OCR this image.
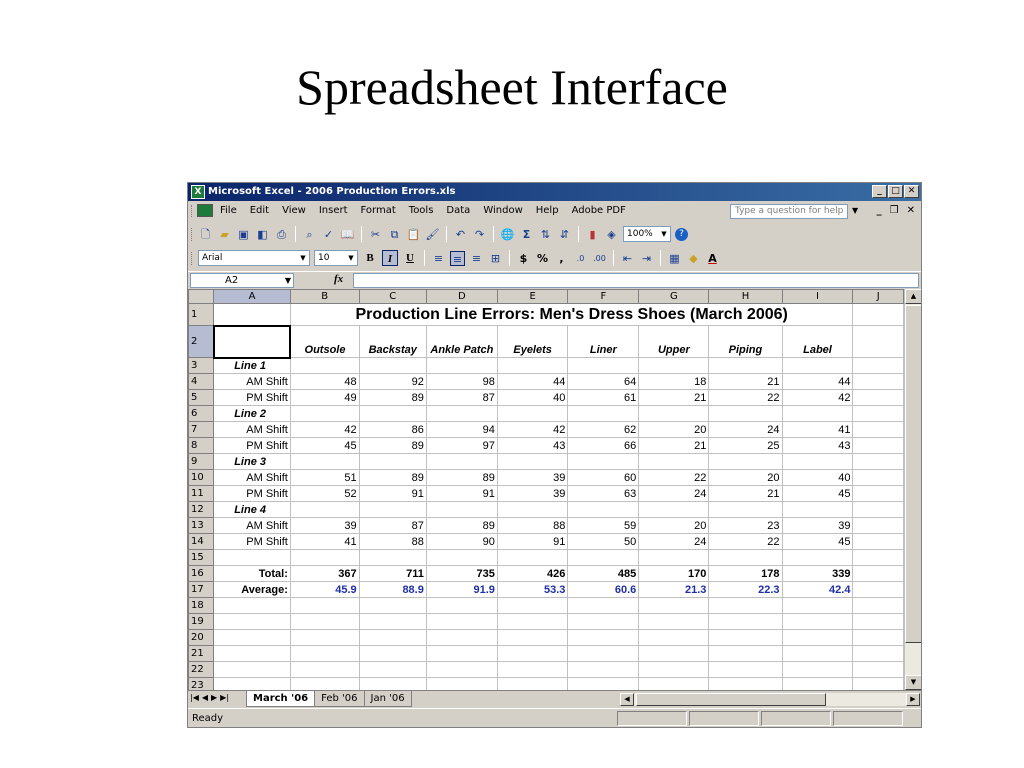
Spreadsheet Interface
X Microsoft Excel - 2006 Production Errors.xls	_	□ ✕
File Edit View Insert Format Tools Data Window Help Adobe PDF	Type a question for help	▼ _ ❐ ✕
🗋 ▰ ▣ ◧ ⎙	⌕	✓ 📖 ✂ ⧉ 📋 🖌 ↶ ↷ 🌐 Σ ⇅ ⇵	▮	◈	100%	▼	?
Arial	▼	10	▼	B	I	U	≡ ≡ ≡ ⊞	$ %	,	.0	.00 ⇤ ⇥ ▦ ◆ A
A2	▼	fx
	A	B	C	D	E	F	G	H	I	J
1		Production Line Errors: Men's Dress Shoes (March 2006)								
2		Outsole	Backstay	Ankle Patch	Eyelets	Liner	Upper	Piping	Label	
3	Line 1									
4	AM Shift	48	92	98	44	64	18	21	44	
5	PM Shift	49	89	87	40	61	21	22	42	
6	Line 2									
7	AM Shift	42	86	94	42	62	20	24	41	
8	PM Shift	45	89	97	43	66	21	25	43	
9	Line 3									
10	AM Shift	51	89	89	39	60	22	20	40	
11	PM Shift	52	91	91	39	63	24	21	45	
12	Line 4									
13	AM Shift	39	87	89	88	59	20	23	39	
14	PM Shift	41	88	90	91	50	24	22	45	
15										
16	Total:	367	711	735	426	485	170	178	339	
17	Average:	45.9	88.9	91.9	53.3	60.6	21.3	22.3	42.4	
18										
19										
20										
21										
22										
23										
▲
▼
|◀ ◀ ▶ ▶|	March '06	Feb '06	Jan '06	◀	▶
Ready
